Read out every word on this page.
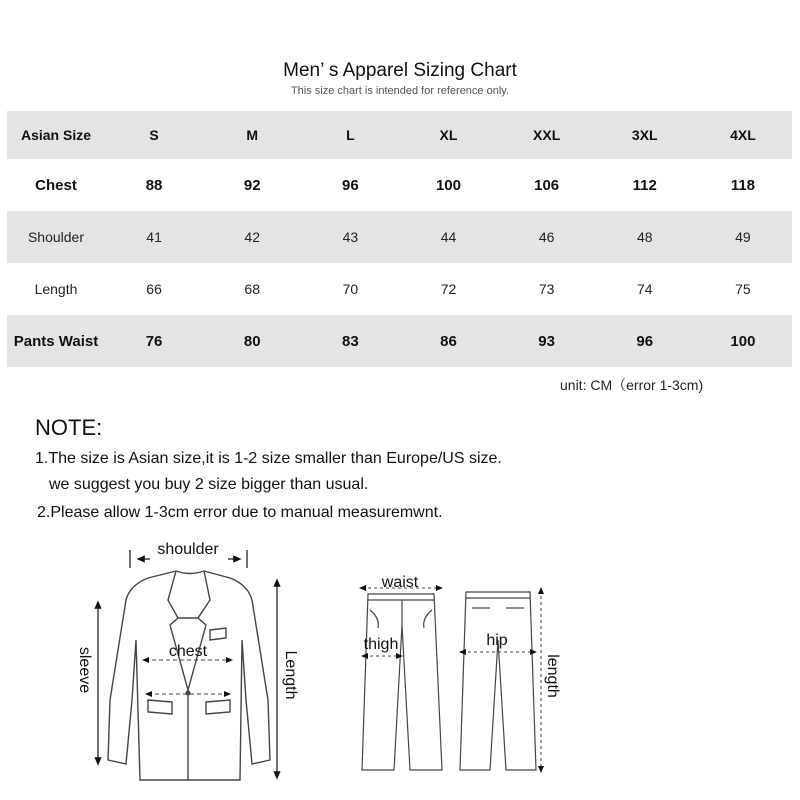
Men’ s Apparel Sizing Chart
This size chart is intended for reference only.
Asian Size	S	M	L	XL	XXL	3XL	4XL
Chest	88	92	96	100	106	112	118
Shoulder	41	42	43	44	46	48	49
Length	66	68	70	72	73	74	75
Pants Waist	76	80	83	86	93	96	100
unit: CM（error 1-3cm)
NOTE:
1.The size is Asian size,it is 1-2 size smaller than Europe/US size.
we suggest you buy 2 size bigger than usual.
2.Please allow 1-3cm error due to manual measuremwnt.
shoulder
chest
sleeve	Length
waist
thigh	hip
length
